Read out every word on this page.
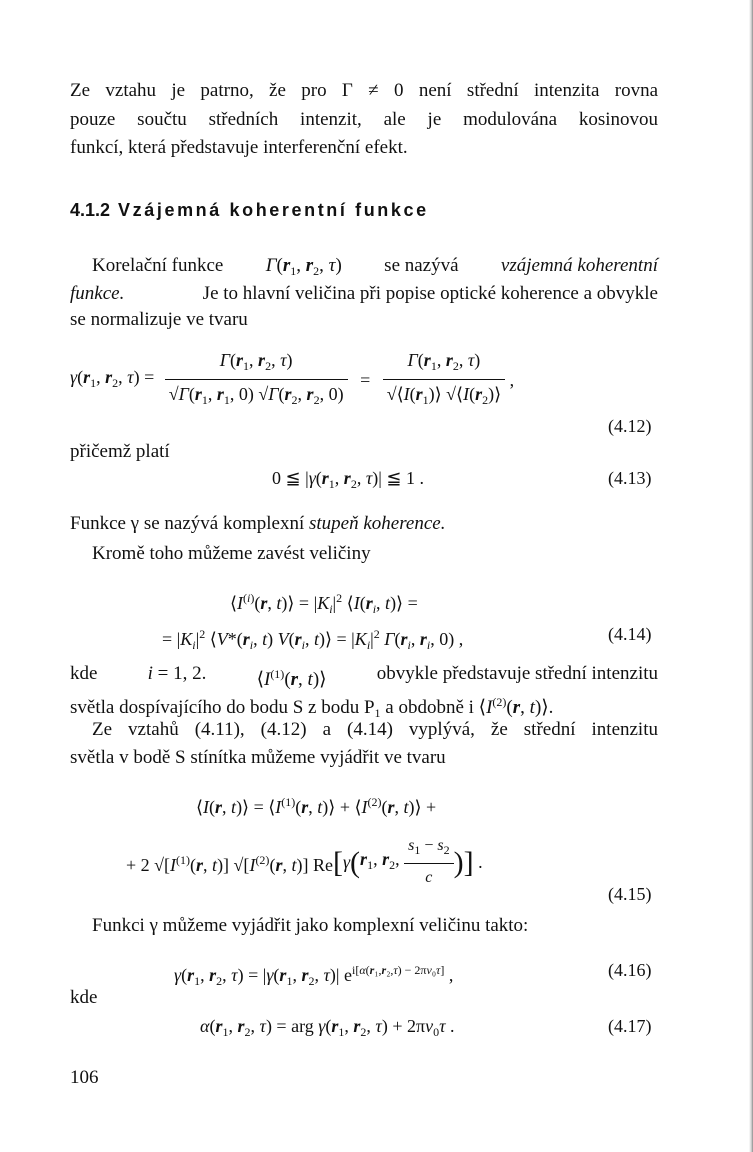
Ze vztahu je patrno, že pro Γ ≠ 0 není střední intenzita rovna
pouze součtu středních intenzit, ale je modulována kosinovou
funkcí, která představuje interferenční efekt.
4.1.2 Vzájemná koherentní funkce
Korelační funkce $\Gamma(r_1$, $r_2$, τ) se nazývá vzájemná koherentní
funkce.	Je to hlavní veličina při popise optické koherence a obvykle
se normalizuje ve tvaru
$\gamma(r_1$, $r_2$, $\tau) = \frac{\Gamma(r_1, r_2, \tau)}{√\Gamma(r_1, r_1, 0) √\Gamma(r_2, r_2, 0)} = \frac{\Gamma(r_1, r_2, \tau)}{√⟨I(r_1)⟩ √⟨I(r_2)⟩}$ ,
(4.12)
přičemž platí
0 ≦ $|\gamma(r_1$, $r_2$, τ)| ≦ 1 .	(4.13)
Funkce γ se nazývá komplexní stupeň koherence.
Kromě toho můžeme zavést veličiny
$⟨I^{(i)}(r$, t)⟩ = $|K_i|^2$ $⟨I(r_i$, t)⟩ =
= $|K_i|^2$ $⟨V*(r_i$, t) $V(r_i$, t)⟩ = $|K_i|^2$ $\Gamma(r_i$, $r_i$, 0) ,	(4.14)
kde	i = 1, 2.	$⟨I^{(1)}(r$, t)⟩	obvykle představuje střední intenzitu
světla dospívajícího do bodu S z bodu $P_1$ a obdobně i $⟨I^{(2)}(r$, t)⟩.
Ze vztahů (4.11), (4.12) a (4.14) vyplývá, že střední intenzitu
světla v bodě S stínítka můžeme vyjádřit ve tvaru
⟨I(r, t)⟩ = $⟨I^{(1)}(r$, t)⟩ + $⟨I^{(2)}(r$, t)⟩ +
+ 2 $√[I^{(1)}(r$, t)] $√[I^{(2)}(r$, t)] $Re[\gamma(r_1$, $r_2$, $\frac{s_1 - s_2}{c}$ )] .
(4.15)
Funkci γ můžeme vyjádřit jako komplexní veličinu takto:
$\gamma(r_1$, $r_2$, $\tau) = |\gamma(r_1$, $r_2$, τ)| $e^{i[\alpha(r_1,r_2,\tau) - 2\pi\nu_0\tau]}$ ,	(4.16)
kde
$\alpha(r_1$, $r_2$, τ) = arg $\gamma(r_1$, $r_2$, $\tau) + 2\pi\nu_0\tau$ .	(4.17)
106
